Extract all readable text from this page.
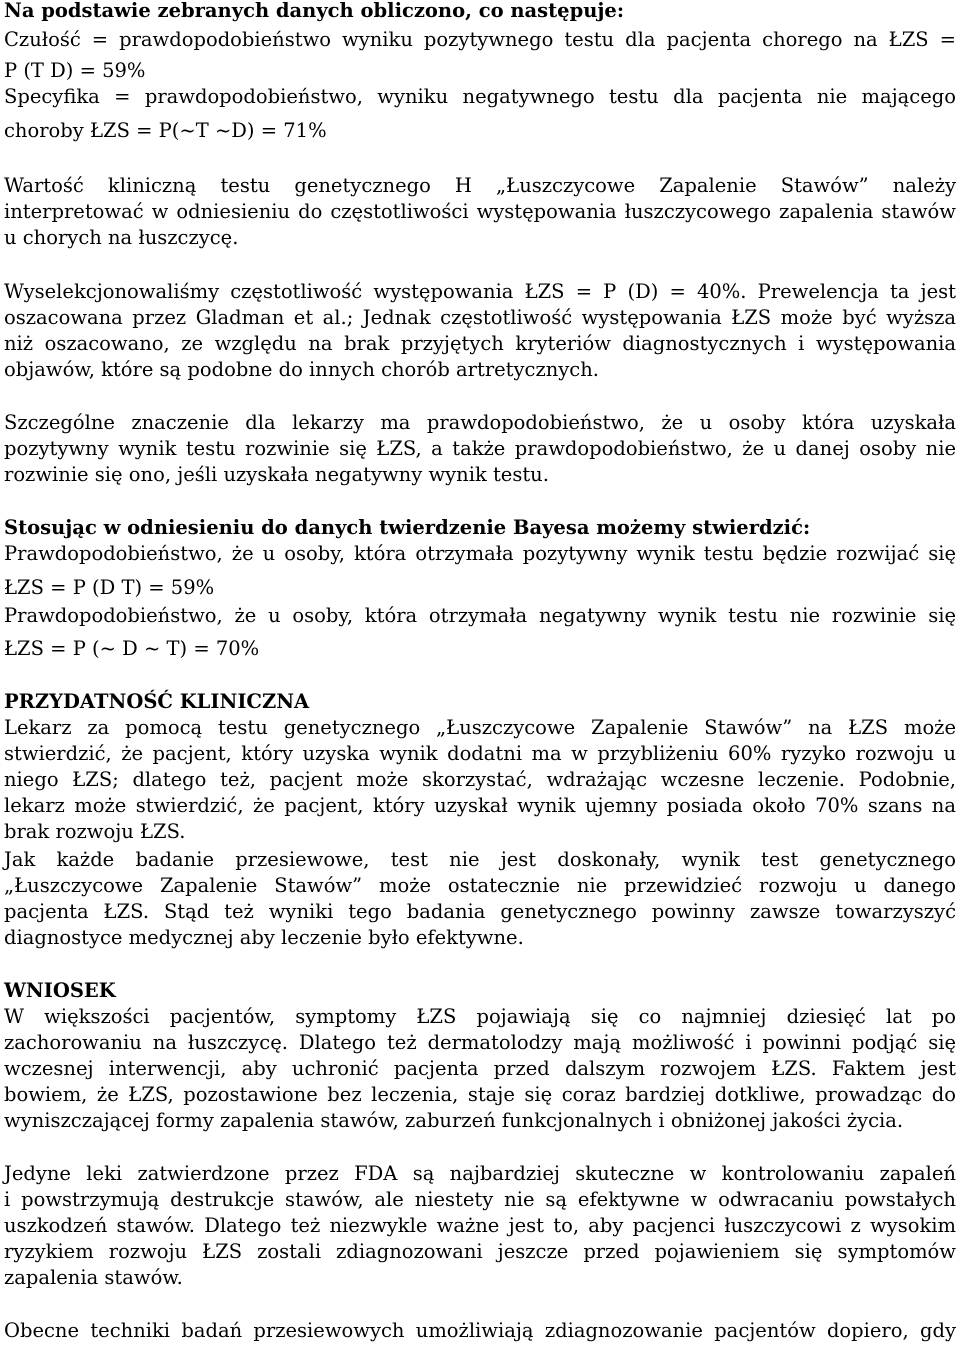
Na podstawie zebranych danych obliczono, co następuje:
Czułość = prawdopodobieństwo wyniku pozytywnego testu dla pacjenta chorego na ŁZS =
P (T D) = 59%
Specyfika = prawdopodobieństwo, wyniku negatywnego testu dla pacjenta nie mającego
choroby ŁZS = P(~T ~D) = 71%
Wartość kliniczną testu genetycznego H „Łuszczycowe Zapalenie Stawów” należy
interpretować w odniesieniu do częstotliwości występowania łuszczycowego zapalenia stawów
u chorych na łuszczycę.
Wyselekcjonowaliśmy częstotliwość występowania ŁZS = P (D) = 40%. Prewelencja ta jest
oszacowana przez Gladman et al.; Jednak częstotliwość występowania ŁZS może być wyższa
niż oszacowano, ze względu na brak przyjętych kryteriów diagnostycznych i występowania
objawów, które są podobne do innych chorób artretycznych.
Szczególne znaczenie dla lekarzy ma prawdopodobieństwo, że u osoby która uzyskała
pozytywny wynik testu rozwinie się ŁZS, a także prawdopodobieństwo, że u danej osoby nie
rozwinie się ono, jeśli uzyskała negatywny wynik testu.
Stosując w odniesieniu do danych twierdzenie Bayesa możemy stwierdzić:
Prawdopodobieństwo, że u osoby, która otrzymała pozytywny wynik testu będzie rozwijać się
ŁZS = P (D T) = 59%
Prawdopodobieństwo, że u osoby, która otrzymała negatywny wynik testu nie rozwinie się
ŁZS = P (~ D ~ T) = 70%
PRZYDATNOŚĆ KLINICZNA
Lekarz za pomocą testu genetycznego „Łuszczycowe Zapalenie Stawów” na ŁZS może
stwierdzić, że pacjent, który uzyska wynik dodatni ma w przybliżeniu 60% ryzyko rozwoju u
niego ŁZS; dlatego też, pacjent może skorzystać, wdrażając wczesne leczenie. Podobnie,
lekarz może stwierdzić, że pacjent, który uzyskał wynik ujemny posiada około 70% szans na
brak rozwoju ŁZS.
Jak każde badanie przesiewowe, test nie jest doskonały, wynik test genetycznego
„Łuszczycowe Zapalenie Stawów” może ostatecznie nie przewidzieć rozwoju u danego
pacjenta ŁZS. Stąd też wyniki tego badania genetycznego powinny zawsze towarzyszyć
diagnostyce medycznej aby leczenie było efektywne.
WNIOSEK
W większości pacjentów, symptomy ŁZS pojawiają się co najmniej dziesięć lat po
zachorowaniu na łuszczycę. Dlatego też dermatolodzy mają możliwość i powinni podjąć się
wczesnej interwencji, aby uchronić pacjenta przed dalszym rozwojem ŁZS. Faktem jest
bowiem, że ŁZS, pozostawione bez leczenia, staje się coraz bardziej dotkliwe, prowadząc do
wyniszczającej formy zapalenia stawów, zaburzeń funkcjonalnych i obniżonej jakości życia.
Jedyne leki zatwierdzone przez FDA są najbardziej skuteczne w kontrolowaniu zapaleń
i powstrzymują destrukcje stawów, ale niestety nie są efektywne w odwracaniu powstałych
uszkodzeń stawów. Dlatego też niezwykle ważne jest to, aby pacjenci łuszczycowi z wysokim
ryzykiem rozwoju ŁZS zostali zdiagnozowani jeszcze przed pojawieniem się symptomów
zapalenia stawów.
Obecne techniki badań przesiewowych umożliwiają zdiagnozowanie pacjentów dopiero, gdy
